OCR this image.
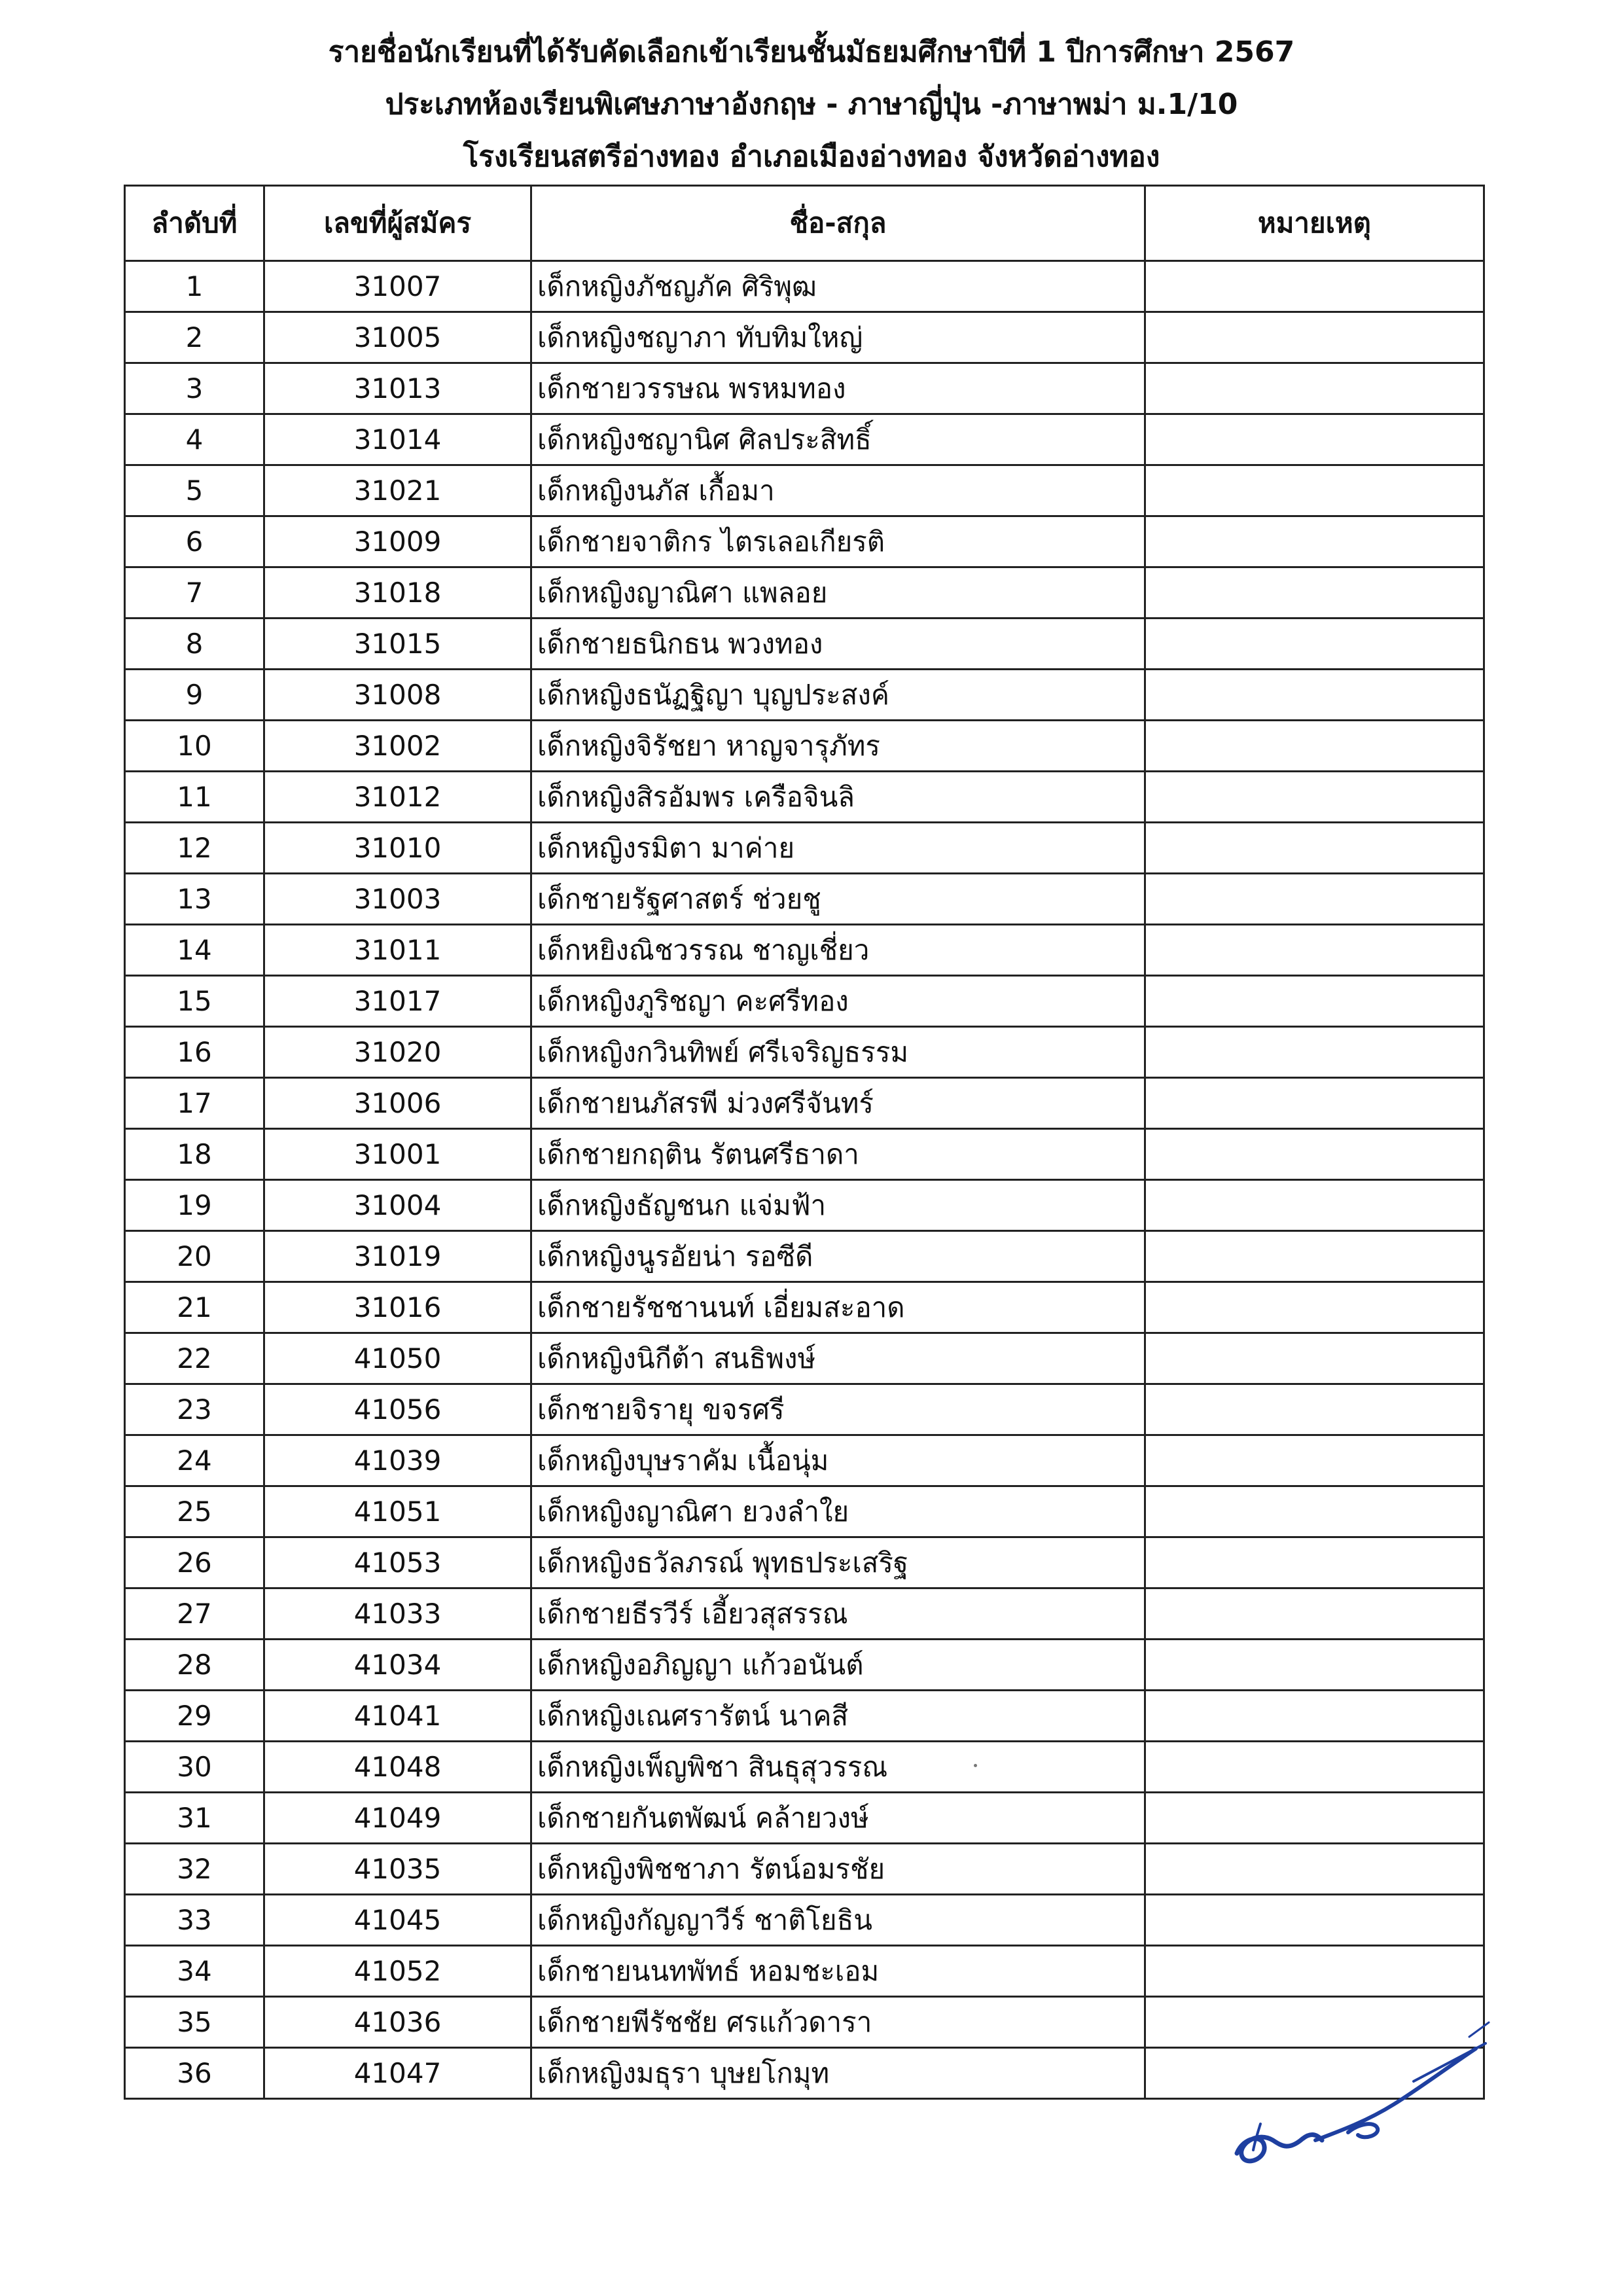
รายชื่อนักเรียนที่ได้รับคัดเลือกเข้าเรียนชั้นมัธยมศึกษาปีที่ 1 ปีการศึกษา 2567
ประเภทห้องเรียนพิเศษภาษาอังกฤษ - ภาษาญี่ปุ่น -ภาษาพม่า ม.1/10
โรงเรียนสตรีอ่างทอง อำเภอเมืองอ่างทอง จังหวัดอ่างทอง
ลำดับที่	เลขที่ผู้สมัคร	ชื่อ-สกุล	หมายเหตุ
1	31007	เด็กหญิงภัชญภัค ศิริพุฒ	
2	31005	เด็กหญิงชญาภา ทับทิมใหญ่	
3	31013	เด็กชายวรรษณ พรหมทอง	
4	31014	เด็กหญิงชญานิศ ศิลประสิทธิ์	
5	31021	เด็กหญิงนภัส เกื้อมา	
6	31009	เด็กชายจาติกร ไตรเลอเกียรติ	
7	31018	เด็กหญิงญาณิศา แพลอย	
8	31015	เด็กชายธนิกธน พวงทอง	
9	31008	เด็กหญิงธนัฏฐิญา บุญประสงค์	
10	31002	เด็กหญิงจิรัชยา หาญจารุภัทร	
11	31012	เด็กหญิงสิรอัมพร เครือจินลิ	
12	31010	เด็กหญิงรมิตา มาค่าย	
13	31003	เด็กชายรัฐศาสตร์ ช่วยชู	
14	31011	เด็กหยิงณิชวรรณ ชาญเชี่ยว	
15	31017	เด็กหญิงภูริชญา คะศรีทอง	
16	31020	เด็กหญิงกวินทิพย์ ศรีเจริญธรรม	
17	31006	เด็กชายนภัสรพี ม่วงศรีจันทร์	
18	31001	เด็กชายกฤติน รัตนศรีธาดา	
19	31004	เด็กหญิงธัญชนก แจ่มฟ้า	
20	31019	เด็กหญิงนูรอัยน่า รอซีดี	
21	31016	เด็กชายรัชชานนท์ เอี่ยมสะอาด	
22	41050	เด็กหญิงนิกีต้า สนธิพงษ์	
23	41056	เด็กชายจิรายุ ขจรศรี	
24	41039	เด็กหญิงบุษราคัม เนื้อนุ่ม	
25	41051	เด็กหญิงญาณิศา ยวงลำใย	
26	41053	เด็กหญิงธวัลภรณ์ พุทธประเสริฐ	
27	41033	เด็กชายธีรวีร์ เอี้ยวสุสรรณ	
28	41034	เด็กหญิงอภิญญา แก้วอนันต์	
29	41041	เด็กหญิงเณศรารัตน์ นาคสี	
30	41048	เด็กหญิงเพ็ญพิชา สินธุสุวรรณ	
31	41049	เด็กชายกันตพัฒน์ คล้ายวงษ์	
32	41035	เด็กหญิงพิชชาภา รัตน์อมรชัย	
33	41045	เด็กหญิงกัญญาวีร์ ชาติโยธิน	
34	41052	เด็กชายนนทพัทธ์ หอมชะเอม	
35	41036	เด็กชายพีรัชชัย ศรแก้วดารา	
36	41047	เด็กหญิงมธุรา บุษยโกมุท	
